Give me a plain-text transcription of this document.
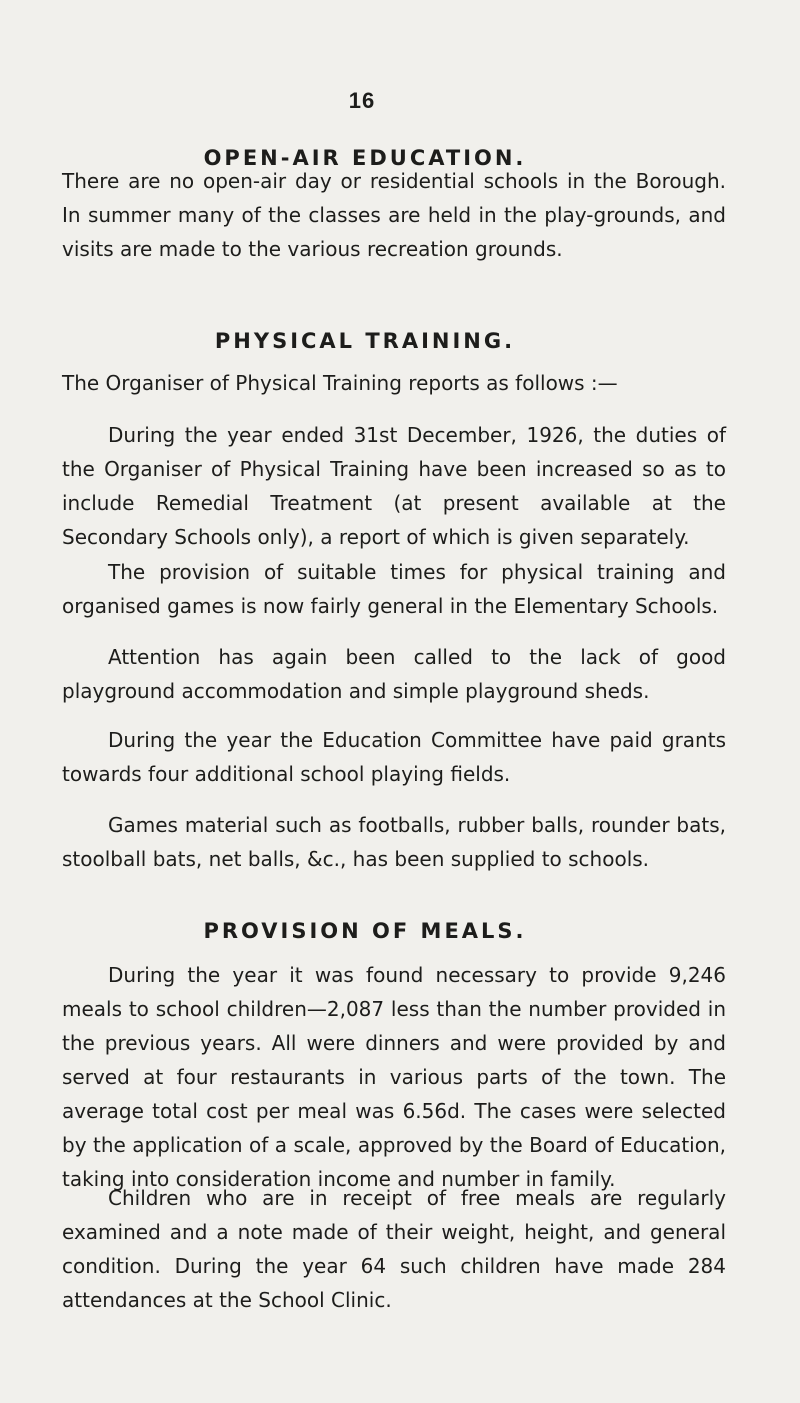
16
OPEN-AIR EDUCATION.
There are no open-air day or residential schools in the Borough. In summer many of the classes are held in the play-grounds, and visits are made to the various recreation grounds.
PHYSICAL TRAINING.
The Organiser of Physical Training reports as follows :—
During the year ended 31st December, 1926, the duties of the Organiser of Physical Training have been increased so as to include Remedial Treatment (at present available at the Secondary Schools only), a report of which is given separately.
The provision of suitable times for physical training and organised games is now fairly general in the Elementary Schools.
Attention has again been called to the lack of good playground accommodation and simple playground sheds.
During the year the Education Committee have paid grants towards four additional school playing fields.
Games material such as footballs, rubber balls, rounder bats, stoolball bats, net balls, &c., has been supplied to schools.
PROVISION OF MEALS.
During the year it was found necessary to provide 9,246 meals to school children—2,087 less than the number provided in the previous years. All were dinners and were provided by and served at four restaurants in various parts of the town. The average total cost per meal was 6.56d. The cases were selected by the application of a scale, approved by the Board of Education, taking into consideration income and number in family.
Children who are in receipt of free meals are regularly examined and a note made of their weight, height, and general condition. During the year 64 such children have made 284 attendances at the School Clinic.
